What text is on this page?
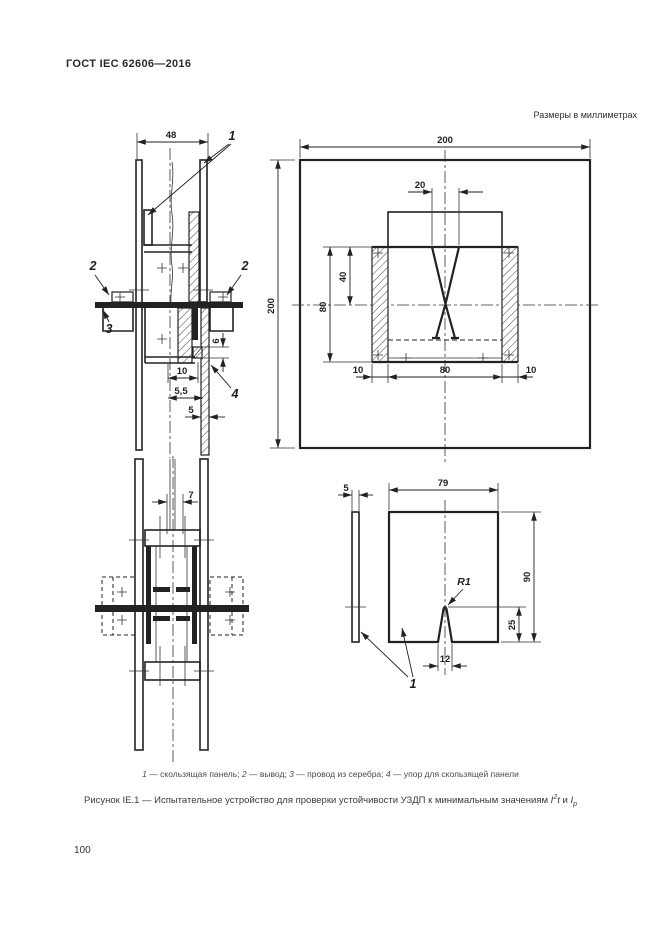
ГОСТ IEC 62606—2016
Размеры в миллиметрах
48	1
2	2
3
4
10
5,5
5
6
200
200
20
40
80
10	80	10
7
5	79
90
25
R1
12
1
1 — скользящая панель; 2 — вывод; 3 — провод из серебра; 4 — упор для скользящей панели
Рисунок IE.1 — Испытательное устройство для проверки устойчивости УЗДП к минимальным значениям $I^2t$ и $I_p$
100
